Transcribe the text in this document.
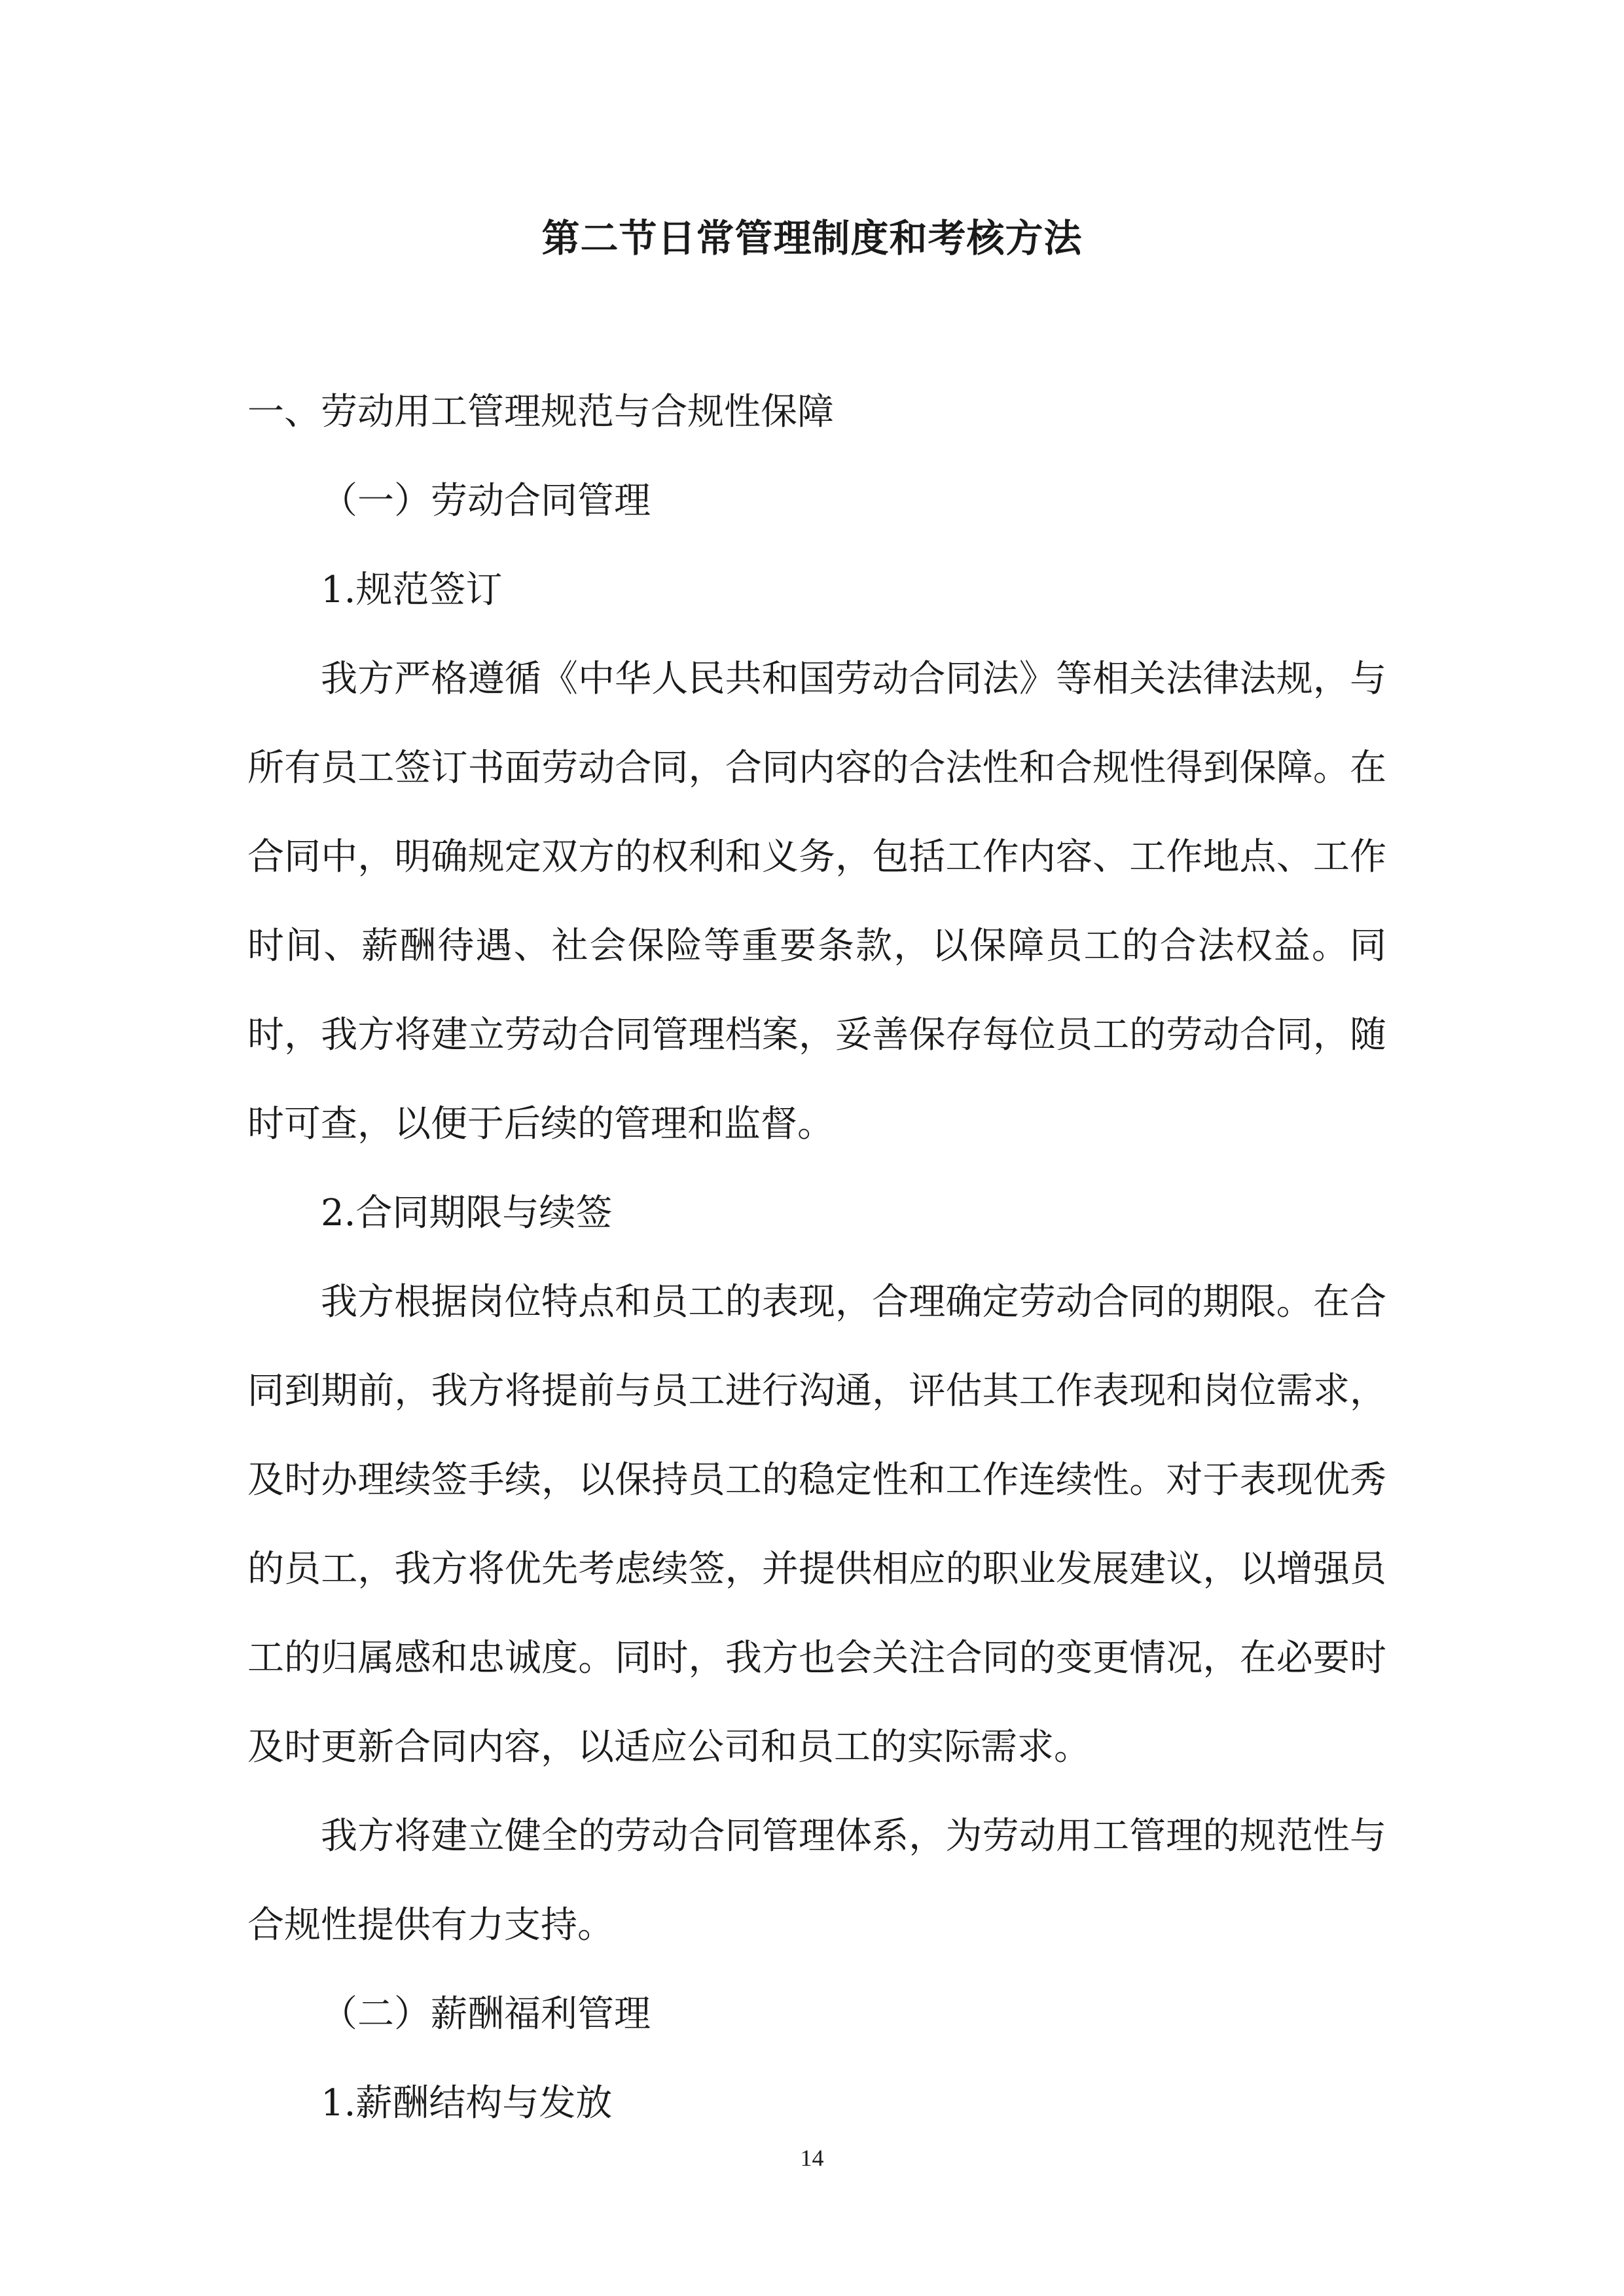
第二节日常管理制度和考核方法

一、劳动用工管理规范与合规性保障

（一）劳动合同管理

1.规范签订

我方严格遵循《中华人民共和国劳动合同法》等相关法律法规，与所有员工签订书面劳动合同，合同内容的合法性和合规性得到保障。在合同中，明确规定双方的权利和义务，包括工作内容、工作地点、工作时间、薪酬待遇、社会保险等重要条款，以保障员工的合法权益。同时，我方将建立劳动合同管理档案，妥善保存每位员工的劳动合同，随时可查，以便于后续的管理和监督。

2.合同期限与续签

我方根据岗位特点和员工的表现，合理确定劳动合同的期限。在合同到期前，我方将提前与员工进行沟通，评估其工作表现和岗位需求，及时办理续签手续，以保持员工的稳定性和工作连续性。对于表现优秀的员工，我方将优先考虑续签，并提供相应的职业发展建议，以增强员工的归属感和忠诚度。同时，我方也会关注合同的变更情况，在必要时及时更新合同内容，以适应公司和员工的实际需求。

我方将建立健全的劳动合同管理体系，为劳动用工管理的规范性与合规性提供有力支持。

（二）薪酬福利管理

1.薪酬结构与发放

14
